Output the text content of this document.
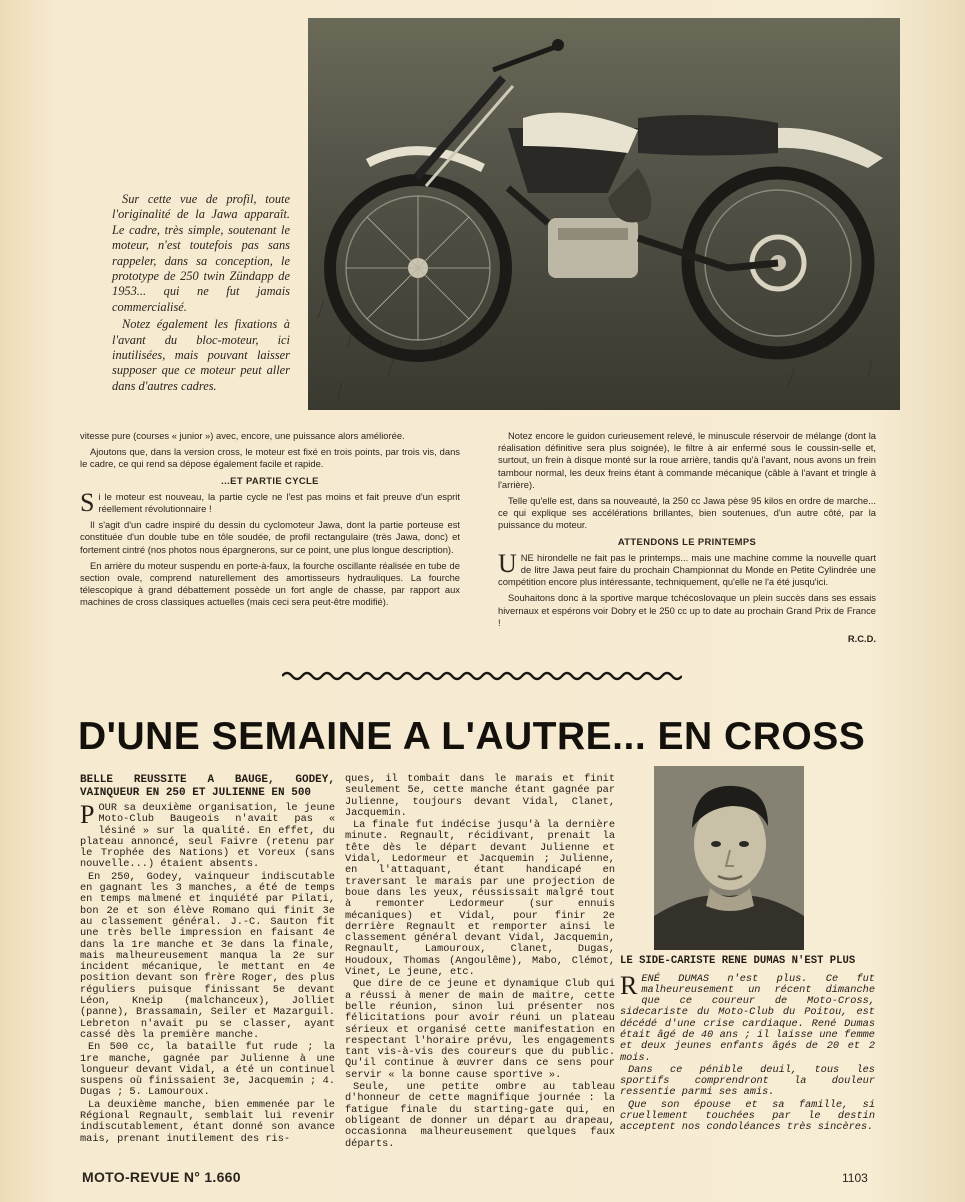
Sur cette vue de profil, toute l'originalité de la Jawa apparaît. Le cadre, très simple, soutenant le moteur, n'est toutefois pas sans rappeler, dans sa conception, le prototype de 250 twin Zündapp de 1953... qui ne fut jamais commercialisé.

Notez également les fixations à l'avant du bloc-moteur, ici inutilisées, mais pouvant laisser supposer que ce moteur peut aller dans d'autres cadres.

vitesse pure (courses « junior ») avec, encore, une puissance alors améliorée.

Ajoutons que, dans la version cross, le moteur est fixé en trois points, par trois vis, dans le cadre, ce qui rend sa dépose également facile et rapide.

...ET PARTIE CYCLE

Si le moteur est nouveau, la partie cycle ne l'est pas moins et fait preuve d'un esprit réellement révolutionnaire !

Il s'agit d'un cadre inspiré du dessin du cyclomoteur Jawa, dont la partie porteuse est constituée d'un double tube en tôle soudée, de profil rectangulaire (très Jawa, donc) et fortement cintré (nos photos nous épargnerons, sur ce point, une plus longue description).

En arrière du moteur suspendu en porte-à-faux, la fourche oscillante réalisée en tube de section ovale, comprend naturellement des amortisseurs hydrauliques. La fourche télescopique à grand débattement possède un fort angle de chasse, par rapport aux machines de cross classiques actuelles (mais ceci sera peut-être modifié).

Notez encore le guidon curieusement relevé, le minuscule réservoir de mélange (dont la réalisation définitive sera plus soignée), le filtre à air enfermé sous le coussin-selle et, surtout, un frein à disque monté sur la roue arrière, tandis qu'à l'avant, nous avons un frein tambour normal, les deux freins étant à commande mécanique (câble à l'avant et tringle à l'arrière).

Telle qu'elle est, dans sa nouveauté, la 250 cc Jawa pèse 95 kilos en ordre de marche... ce qui explique ses accélérations brillantes, bien soutenues, d'un autre côté, par la puissance du moteur.

ATTENDONS LE PRINTEMPS

UNE hirondelle ne fait pas le printemps... mais une machine comme la nouvelle quart de litre Jawa peut faire du prochain Championnat du Monde en Petite Cylindrée une compétition encore plus intéressante, techniquement, qu'elle ne l'a été jusqu'ici.

Souhaitons donc à la sportive marque tchécoslovaque un plein succès dans ses essais hivernaux et espérons voir Dobry et le 250 cc up to date au prochain Grand Prix de France !

R.C.D.
D'UNE SEMAINE A L'AUTRE... EN CROSS
BELLE REUSSITE A BAUGE, GODEY, VAINQUEUR EN 250 ET JULIENNE EN 500

POUR sa deuxième organisation, le jeune Moto-Club Baugeois n'avait pas « lésiné » sur la qualité. En effet, du plateau annoncé, seul Faivre (retenu par le Trophée des Nations) et Voreux (sans nouvelle...) étaient absents.

En 250, Godey, vainqueur indiscutable en gagnant les 3 manches, a été de temps en temps malmené et inquiété par Pilati, bon 2e et son élève Romano qui finit 3e au classement général. J.-C. Sauton fit une très belle impression en faisant 4e dans la 1re manche et 3e dans la finale, mais malheureusement manqua la 2e sur incident mécanique, le mettant en 4e position devant son frère Roger, des plus réguliers puisque finissant 5e devant Léon, Kneip (malchanceux), Jolliet (panne), Brassamain, Seiler et Mazarguil. Lebreton n'avait pu se classer, ayant cassé dès la première manche.

En 500 cc, la bataille fut rude ; la 1re manche, gagnée par Julienne à une longueur devant Vidal, a été un continuel suspens où finissaient 3e, Jacquemin ; 4. Dugas ; 5. Lamouroux.

La deuxième manche, bien emmenée par le Régional Regnault, semblait lui revenir indiscutablement, étant donné son avance mais, prenant inutilement des ris-

ques, il tombait dans le marais et finit seulement 5e, cette manche étant gagnée par Julienne, toujours devant Vidal, Clanet, Jacquemin.

La finale fut indécise jusqu'à la dernière minute. Regnault, récidivant, prenait la tête dès le départ devant Julienne et Vidal, Ledormeur et Jacquemin ; Julienne, en l'attaquant, étant handicapé en traversant le marais par une projection de boue dans les yeux, réussissait malgré tout à remonter Ledormeur (sur ennuis mécaniques) et Vidal, pour finir 2e derrière Regnault et remporter ainsi le classement général devant Vidal, Jacquemin, Regnault, Lamouroux, Clanet, Dugas, Houdoux, Thomas (Angoulême), Mabo, Clémot, Vinet, Le jeune, etc.

Que dire de ce jeune et dynamique Club qui a réussi à mener de main de maitre, cette belle réunion, sinon lui présenter nos félicitations pour avoir réuni un plateau sérieux et organisé cette manifestation en respectant l'horaire prévu, les engagements tant vis-à-vis des coureurs que du public. Qu'il continue à œuvrer dans ce sens pour servir « la bonne cause sportive ».

Seule, une petite ombre au tableau d'honneur de cette magnifique journée : la fatigue finale du starting-gate qui, en obligeant de donner un départ au drapeau, occasionna malheureusement quelques faux départs.

LE SIDE-CARISTE RENE DUMAS N'EST PLUS

RENÉ DUMAS n'est plus. Ce fut malheureusement un récent dimanche que ce coureur de Moto-Cross, sidecariste du Moto-Club du Poitou, est décédé d'une crise cardiaque. René Dumas était âgé de 40 ans ; il laisse une femme et deux jeunes enfants âgés de 20 et 2 mois.

Dans ce pénible deuil, tous les sportifs comprendront la douleur ressentie parmi ses amis.

Que son épouse et sa famille, si cruellement touchées par le destin acceptent nos condoléances très sincères.

MOTO-REVUE N° 1.660	1103
